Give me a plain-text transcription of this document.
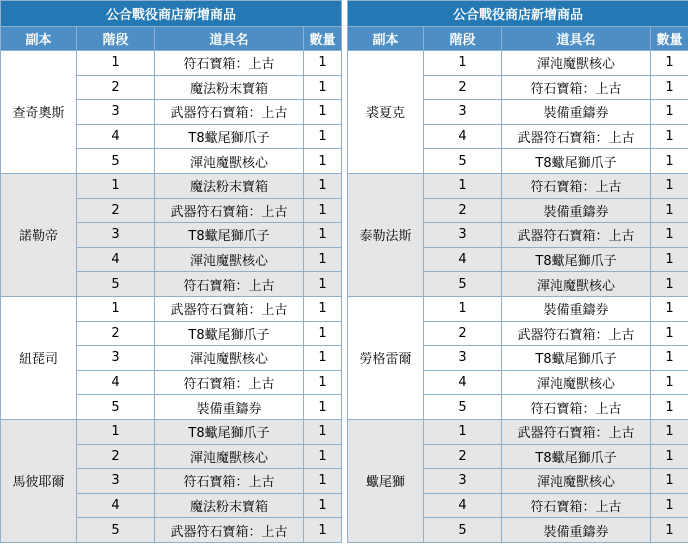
公合戰役商店新增商品			
副本	階段	道具名	數量
查奇奧斯	1	符石寶箱：上古	1
	2	魔法粉末寶箱	1
	3	武器符石寶箱：上古	1
	4	T8蠍尾獅爪子	1
	5	渾沌魔獸核心	1
諾勒帝	1	魔法粉末寶箱	1
	2	武器符石寶箱：上古	1
	3	T8蠍尾獅爪子	1
	4	渾沌魔獸核心	1
	5	符石寶箱：上古	1
紐琵司	1	武器符石寶箱：上古	1
	2	T8蠍尾獅爪子	1
	3	渾沌魔獸核心	1
	4	符石寶箱：上古	1
	5	裝備重鑄券	1
馬彼耶爾	1	T8蠍尾獅爪子	1
	2	渾沌魔獸核心	1
	3	符石寶箱：上古	1
	4	魔法粉末寶箱	1
	5	武器符石寶箱：上古	1
公合戰役商店新增商品			
副本	階段	道具名	數量
裘夏克	1	渾沌魔獸核心	1
	2	符石寶箱：上古	1
	3	裝備重鑄券	1
	4	武器符石寶箱：上古	1
	5	T8蠍尾獅爪子	1
泰勒法斯	1	符石寶箱：上古	1
	2	裝備重鑄券	1
	3	武器符石寶箱：上古	1
	4	T8蠍尾獅爪子	1
	5	渾沌魔獸核心	1
勞格雷爾	1	裝備重鑄券	1
	2	武器符石寶箱：上古	1
	3	T8蠍尾獅爪子	1
	4	渾沌魔獸核心	1
	5	符石寶箱：上古	1
蠍尾獅	1	武器符石寶箱：上古	1
	2	T8蠍尾獅爪子	1
	3	渾沌魔獸核心	1
	4	符石寶箱：上古	1
	5	裝備重鑄券	1
